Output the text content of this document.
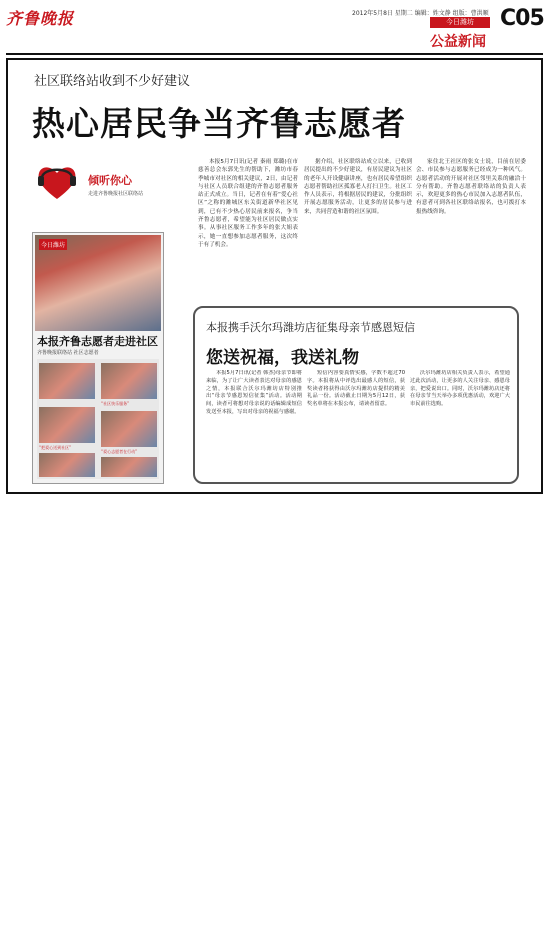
齐鲁晚报	2012年5月8日 星期二 编辑：姓文静 组版：曹洪顺
今日潍坊
公益新闻
C05
社区联络站收到不少好建议
热心居民争当齐鲁志愿者
倾听你心
走进齐鲁晚报社区联络站
今日潍坊
本报齐鲁志愿者走进社区
齐鲁晚报联络站 社区志愿者
“社区快乐服务”
“把爱心送到社区”
“爱心志愿者在行动”

本报5月7日讯(记者 秦雨 郑璐)在市慈善总会东郭先生的帮助下，潍坊市春季城市对社区的相关建议，2日，由记者与社区人员联合组建的齐鲁志愿者服务站正式成立。当日，记者在有着“爱心社区”之称的潍城区东关街道新华社区见到，已有不少热心居民前来报名，争当齐鲁志愿者，希望能为社区居民做点实事。从事社区服务工作多年的张大姐表示，她一直想参加志愿者服务，这次终于有了机会。

据介绍，社区联络站成立以来，已收到居民提出的不少好建议，有居民建议为社区的老年人开设健康讲座，也有居民希望组织志愿者帮助社区孤寡老人打扫卫生。社区工作人员表示，将根据居民的建议，分批组织开展志愿服务活动，让更多的居民参与进来，共同营造和谐的社区氛围。

家住北王社区的张女士说，目前在居委会、市民参与志愿服务已经成为一种风气。志愿者活动的开展对社区邻里关系的融洽十分有帮助。齐鲁志愿者联络站的负责人表示，欢迎更多的热心市民加入志愿者队伍，有意者可到各社区联络站报名，也可拨打本报热线咨询。

本报携手沃尔玛潍坊店征集母亲节感恩短信
您送祝福，我送礼物

本报5月7日讯(记者 韩杰)母亲节即将来临，为了让广大读者表达对母亲的感恩之情，本报联合沃尔玛潍坊店特别推出“母亲节感恩短信征集”活动。活动期间，读者可将想对母亲说的话编辑成短信发送至本报，写出对母亲的祝福与感谢。

短信内容要真情实感，字数不超过70字。本报将从中评选出最感人的短信，获奖读者将获得由沃尔玛潍坊店提供的精美礼品一份。活动截止日期为5月12日，获奖名单将在本报公布，请读者留意。

沃尔玛潍坊店相关负责人表示，希望通过此次活动，让更多的人关注母亲、感恩母亲，把爱说出口。同时，沃尔玛潍坊店还将在母亲节当天举办多项优惠活动，欢迎广大市民前往选购。
